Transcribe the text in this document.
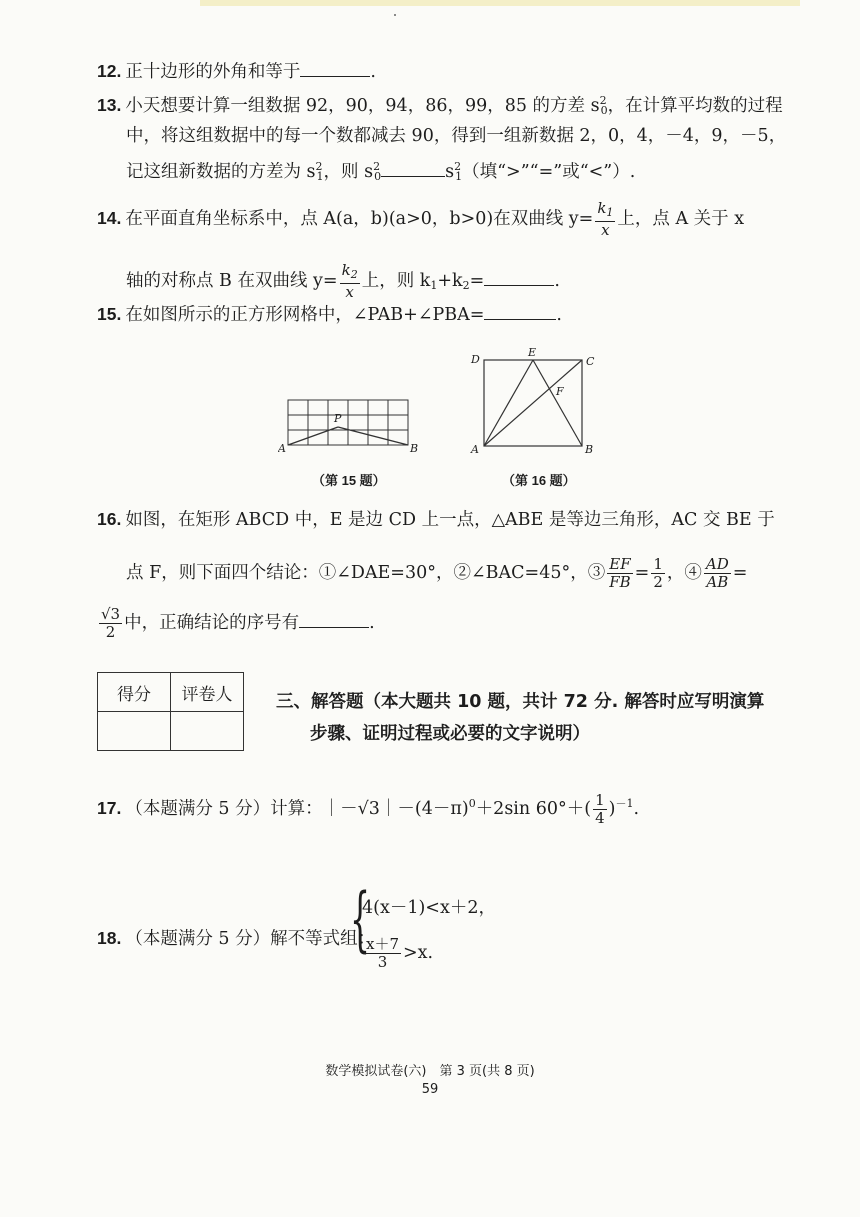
12. 正十边形的外角和等于	.
13. 小天想要计算一组数据 92，90，94，86，99，85 的方差 $s^2_0$，在计算平均数的过程
中，将这组数据中的每一个数都减去 90，得到一组新数据 2，0，4，－4，9，－5，
记这组新数据的方差为 $s^2_1$，则 $s^2_0$	$s^2_1$（填“>”“=”或“<”）.
14. 在平面直角坐标系中，点 A(a，b)(a>0，b>0)在双曲线 $y= \frac{k_1}{x}$ 上，点 A 关于 x
轴的对称点 B 在双曲线 $y= \frac{k_2}{x}$ 上，则 $k_1+k_2=$	.
15. 在如图所示的正方形网格中，∠PAB+∠PBA=	.
A	B
P
（第 15 题）
D
E
C
F
A	B
（第 16 题）
16. 如图，在矩形 ABCD 中，E 是边 CD 上一点，△ABE 是等边三角形，AC 交 BE 于
点 F，则下面四个结论：①∠DAE=30°，②∠BAC=45°，③ $\frac{EF}{FB} = \frac{1}{2}$ ，④ $\frac{AD}{AB}$ =
$\frac{√3}{2}$ 中，正确结论的序号有	.
得分	评卷人
	三、解答题（本大题共 10 题，共计 72 分. 解答时应写明演算
步骤、证明过程或必要的文字说明）
17. （本题满分 5 分）计算：$|-√3|-(4-\pi)^0+2\sin$ $60^\circ+( \frac{1}{4} )^{-1}$.
18. （本题满分 5 分）解不等式组：
{
4(x－1)<x＋2，
$\frac{x+7}{3} >x$.
数学模拟试卷(六)　第 3 页(共 8 页)
59
